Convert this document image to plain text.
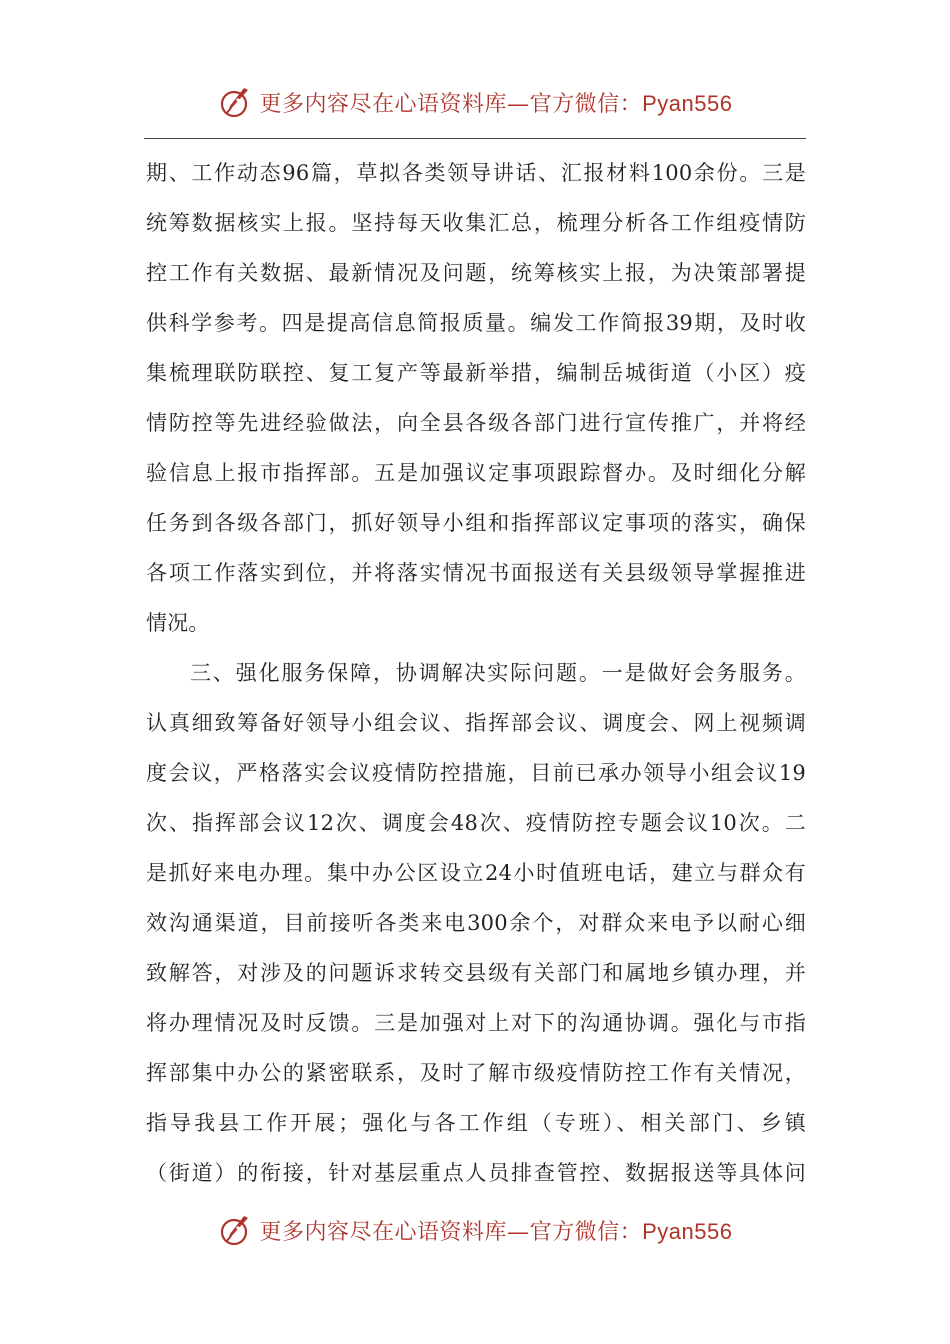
更多内容尽在心语资料库—官方微信：Pyan556
期、工作动态96篇，草拟各类领导讲话、汇报材料100余份。三是
统筹数据核实上报。坚持每天收集汇总，梳理分析各工作组疫情防
控工作有关数据、最新情况及问题，统筹核实上报，为决策部署提
供科学参考。四是提高信息简报质量。编发工作简报39期，及时收
集梳理联防联控、复工复产等最新举措，编制岳城街道（小区）疫
情防控等先进经验做法，向全县各级各部门进行宣传推广，并将经
验信息上报市指挥部。五是加强议定事项跟踪督办。及时细化分解
任务到各级各部门，抓好领导小组和指挥部议定事项的落实，确保
各项工作落实到位，并将落实情况书面报送有关县级领导掌握推进
情况。
三、强化服务保障，协调解决实际问题。一是做好会务服务。
认真细致筹备好领导小组会议、指挥部会议、调度会、网上视频调
度会议，严格落实会议疫情防控措施，目前已承办领导小组会议19
次、指挥部会议12次、调度会48次、疫情防控专题会议10次。二
是抓好来电办理。集中办公区设立24小时值班电话，建立与群众有
效沟通渠道，目前接听各类来电300余个，对群众来电予以耐心细
致解答，对涉及的问题诉求转交县级有关部门和属地乡镇办理，并
将办理情况及时反馈。三是加强对上对下的沟通协调。强化与市指
挥部集中办公的紧密联系，及时了解市级疫情防控工作有关情况，
指导我县工作开展；强化与各工作组（专班）、相关部门、乡镇
（街道）的衔接，针对基层重点人员排查管控、数据报送等具体问
更多内容尽在心语资料库—官方微信：Pyan556
